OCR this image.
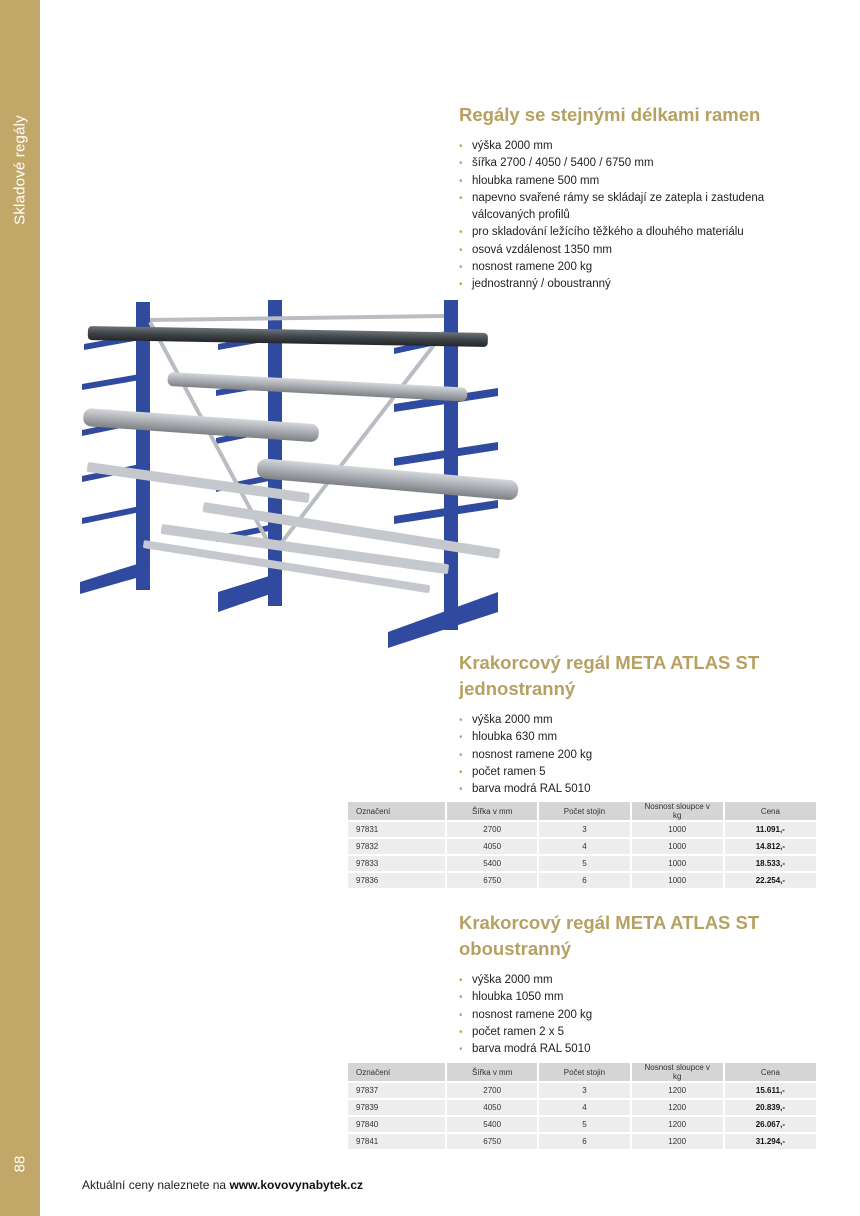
Skladové regály
88
Regály se stejnými délkami ramen
• výška 2000 mm
• šířka 2700 / 4050 / 5400 / 6750 mm
• hloubka ramene 500 mm
• napevno svařené rámy se skládají ze zatepla i zastudena válcovaných profilů
• pro skladování ležícího těžkého a dlouhého materiálu
• osová vzdálenost 1350 mm
• nosnost ramene 200 kg
• jednostranný / oboustranný
Krakorcový regál META ATLAS ST jednostranný
• výška 2000 mm
• hloubka 630 mm
• nosnost ramene 200 kg
• počet ramen 5
• barva modrá RAL 5010
Označení	Šířka v mm	Počet stojin	Nosnost sloupce v kg	Cena
97831	2700	3	1000	11.091,-
97832	4050	4	1000	14.812,-
97833	5400	5	1000	18.533,-
97836	6750	6	1000	22.254,-
Krakorcový regál META ATLAS ST oboustranný
• výška 2000 mm
• hloubka 1050 mm
• nosnost ramene 200 kg
• počet ramen 2 x 5
• barva modrá RAL 5010
Označení	Šířka v mm	Počet stojin	Nosnost sloupce v kg	Cena
97837	2700	3	1200	15.611,-
97839	4050	4	1200	20.839,-
97840	5400	5	1200	26.067,-
97841	6750	6	1200	31.294,-
Aktuální ceny naleznete na www.kovovynabytek.cz
